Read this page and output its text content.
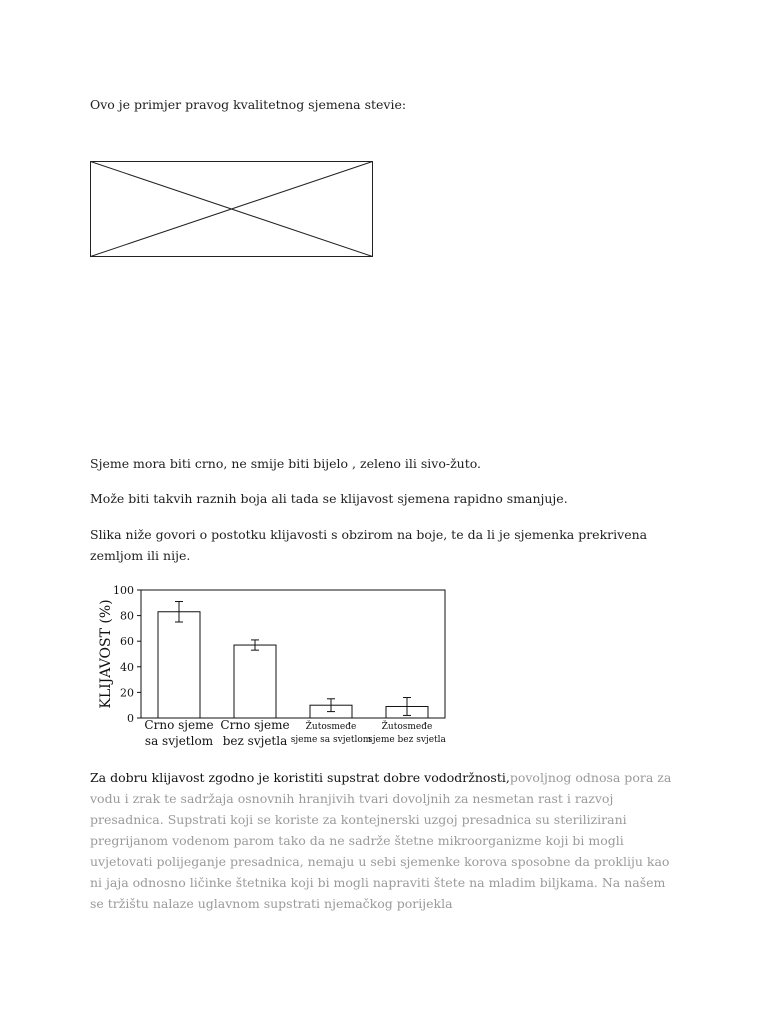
Ovo je primjer pravog kvalitetnog sjemena stevie:

Sjeme mora biti crno, ne smije biti bijelo , zeleno ili sivo-žuto.

Može biti takvih raznih boja ali tada se klijavost sjemena rapidno smanjuje.

Slika niže govori o postotku klijavosti s obzirom na boje, te da li je sjemenka prekrivena zemljom ili nije.

0
20
40
60
80
100
KLIJAVOST (%)
Crno sjeme
sa svjetlom
Crno sjeme
bez svjetla
Žutosmeđe
sjeme sa svjetlom
Žutosmeđe
sjeme bez svjetla

Za dobru klijavost zgodno je koristiti supstrat dobre vododržnosti,povoljnog odnosa pora za vodu i zrak te sadržaja osnovnih hranjivih tvari dovoljnih za nesmetan rast i razvoj presadnica. Supstrati koji se koriste za kontejnerski uzgoj presadnica su sterilizirani pregrijanom vodenom parom tako da ne sadrže štetne mikroorganizme koji bi mogli uvjetovati polijeganje presadnica, nemaju u sebi sjemenke korova sposobne da prokliju kao ni jaja odnosno ličinke štetnika koji bi mogli napraviti štete na mladim biljkama. Na našem se tržištu nalaze uglavnom supstrati njemačkog porijekla
